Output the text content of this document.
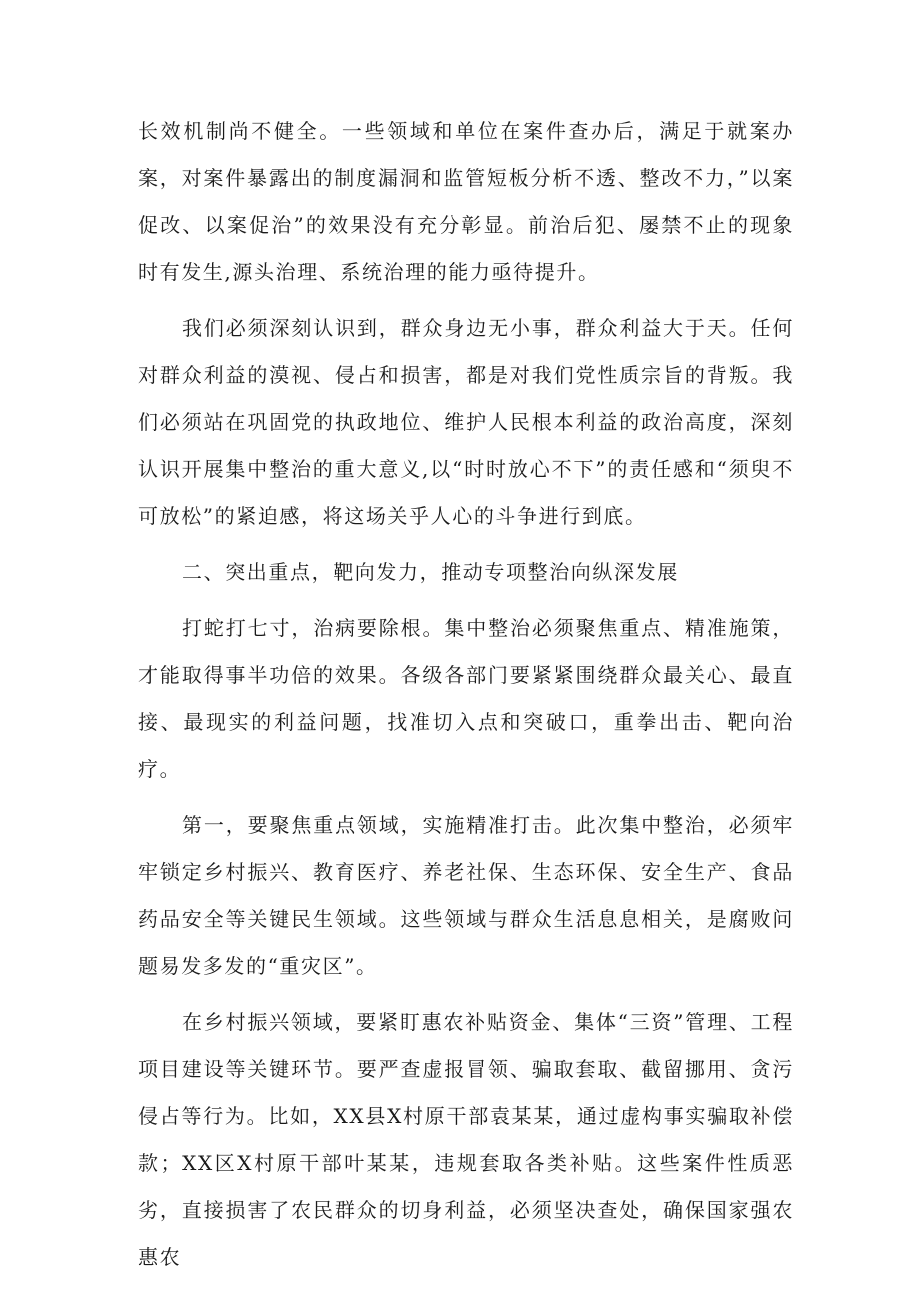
长效机制尚不健全。一些领域和单位在案件查办后，满足于就案办案，对案件暴露出的制度漏洞和监管短板分析不透、整改不力，”以案促改、以案促治”的效果没有充分彰显。前治后犯、屡禁不止的现象时有发生,源头治理、系统治理的能力亟待提升。

我们必须深刻认识到，群众身边无小事，群众利益大于天。任何对群众利益的漠视、侵占和损害，都是对我们党性质宗旨的背叛。我们必须站在巩固党的执政地位、维护人民根本利益的政治高度，深刻认识开展集中整治的重大意义,以“时时放心不下”的责任感和“须臾不可放松”的紧迫感，将这场关乎人心的斗争进行到底。

二、突出重点，靶向发力，推动专项整治向纵深发展

打蛇打七寸，治病要除根。集中整治必须聚焦重点、精准施策，才能取得事半功倍的效果。各级各部门要紧紧围绕群众最关心、最直接、最现实的利益问题，找准切入点和突破口，重拳出击、靶向治疗。

第一，要聚焦重点领域，实施精准打击。此次集中整治，必须牢牢锁定乡村振兴、教育医疗、养老社保、生态环保、安全生产、食品药品安全等关键民生领域。这些领域与群众生活息息相关，是腐败问题易发多发的“重灾区”。

在乡村振兴领域，要紧盯惠农补贴资金、集体“三资”管理、工程项目建设等关键环节。要严查虚报冒领、骗取套取、截留挪用、贪污侵占等行为。比如，XX县X村原干部袁某某，通过虚构事实骗取补偿款；XX区X村原干部叶某某，违规套取各类补贴。这些案件性质恶劣，直接损害了农民群众的切身利益，必须坚决查处，确保国家强农惠农
